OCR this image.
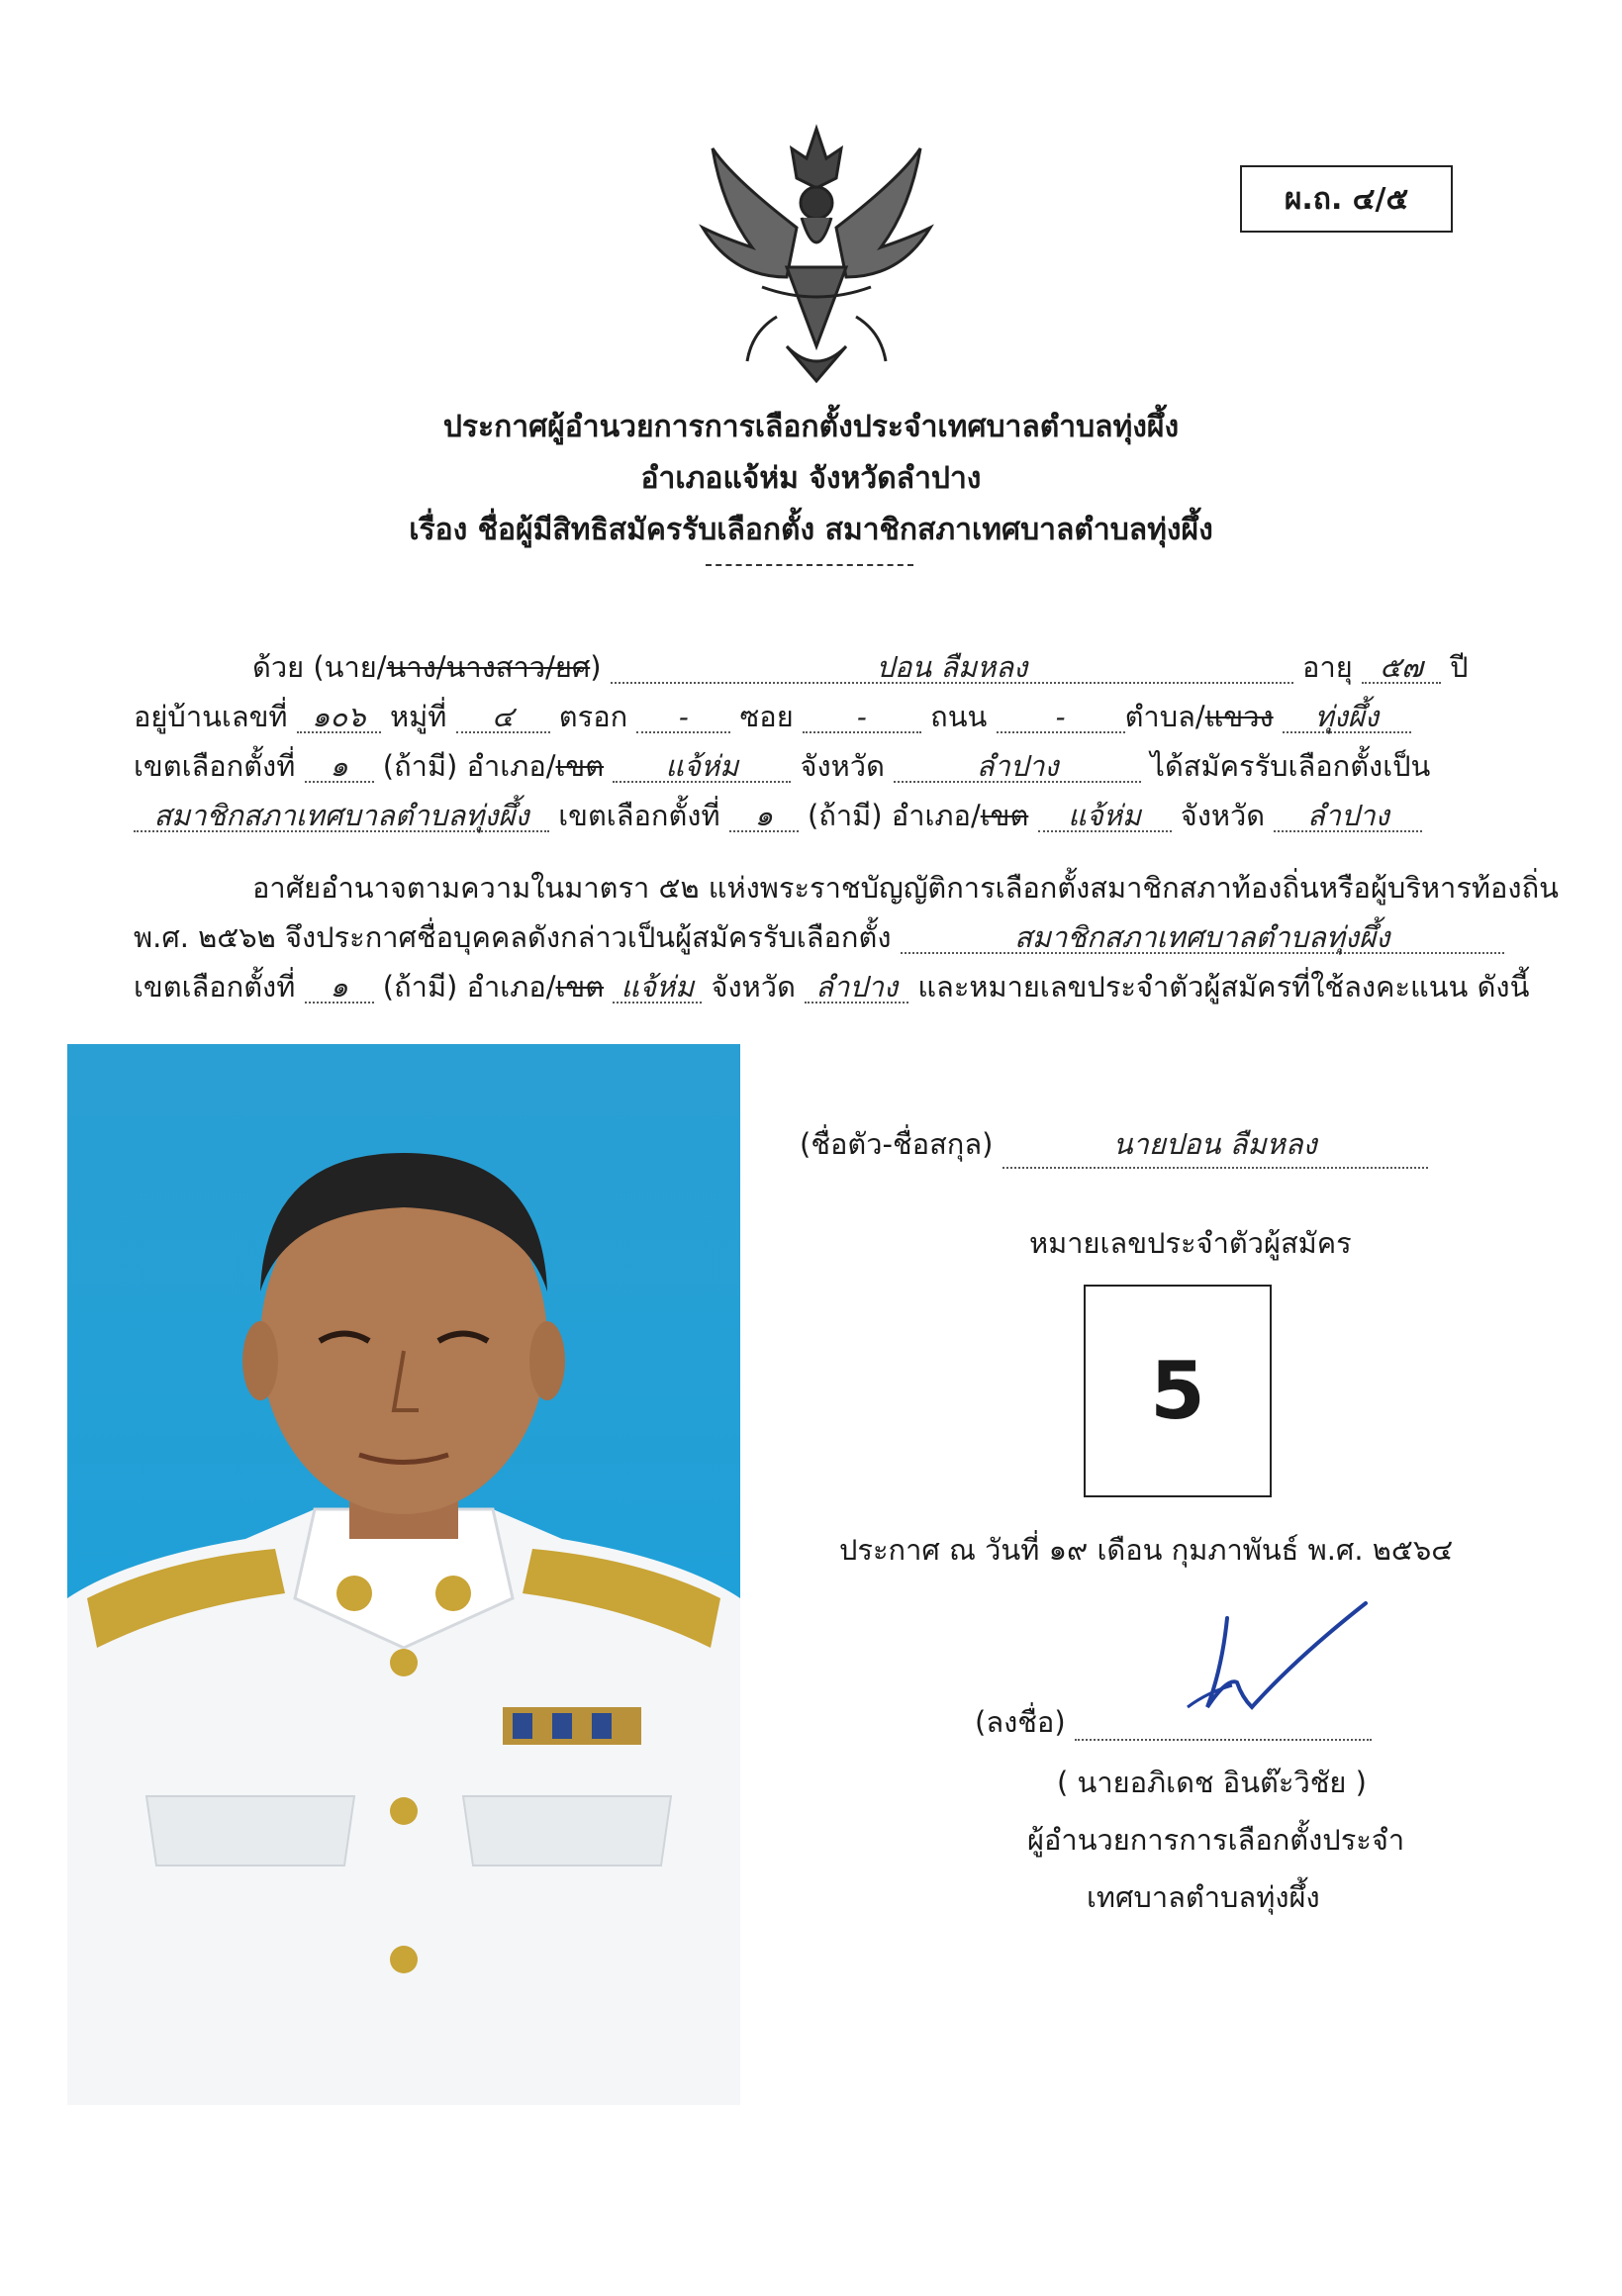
ผ.ถ. ๔/๕
ประกาศผู้อำนวยการการเลือกตั้งประจำเทศบาลตำบลทุ่งผึ้ง
อำเภอแจ้ห่ม จังหวัดลำปาง
เรื่อง ชื่อผู้มีสิทธิสมัครรับเลือกตั้ง สมาชิกสภาเทศบาลตำบลทุ่งผึ้ง
ด้วย (นาย/นาง/นางสาว/ยศ)	ปอน ลืมหลง	อายุ ๕๗ ปี
อยู่บ้านเลขที่ ๑๐๖ หมู่ที่ ๔ ตรอก - ซอย - ถนน - ตำบล/แขวง ทุ่งผึ้ง
เขตเลือกตั้งที่ ๑ (ถ้ามี) อำเภอ/เขต แจ้ห่ม จังหวัด	ลำปาง	ได้สมัครรับเลือกตั้งเป็น
สมาชิกสภาเทศบาลตำบลทุ่งผึ้ง เขตเลือกตั้งที่ ๑ (ถ้ามี) อำเภอ/เขต แจ้ห่ม จังหวัด ลำปาง
อาศัยอำนาจตามความในมาตรา ๕๒ แห่งพระราชบัญญัติการเลือกตั้งสมาชิกสภาท้องถิ่นหรือผู้บริหารท้องถิ่น
พ.ศ. ๒๕๖๒ จึงประกาศชื่อบุคคลดังกล่าวเป็นผู้สมัครรับเลือกตั้ง	สมาชิกสภาเทศบาลตำบลทุ่งผึ้ง
เขตเลือกตั้งที่ ๑ (ถ้ามี) อำเภอ/เขต แจ้ห่ม จังหวัด ลำปาง และหมายเลขประจำตัวผู้สมัครที่ใช้ลงคะแนน ดังนี้
(ชื่อตัว-ชื่อสกุล)	นายปอน ลืมหลง
หมายเลขประจำตัวผู้สมัคร
5
ประกาศ ณ วันที่ ๑๙ เดือน กุมภาพันธ์ พ.ศ. ๒๕๖๔
(ลงชื่อ)
( นายอภิเดช อินต๊ะวิชัย )
ผู้อำนวยการการเลือกตั้งประจำ
เทศบาลตำบลทุ่งผึ้ง
